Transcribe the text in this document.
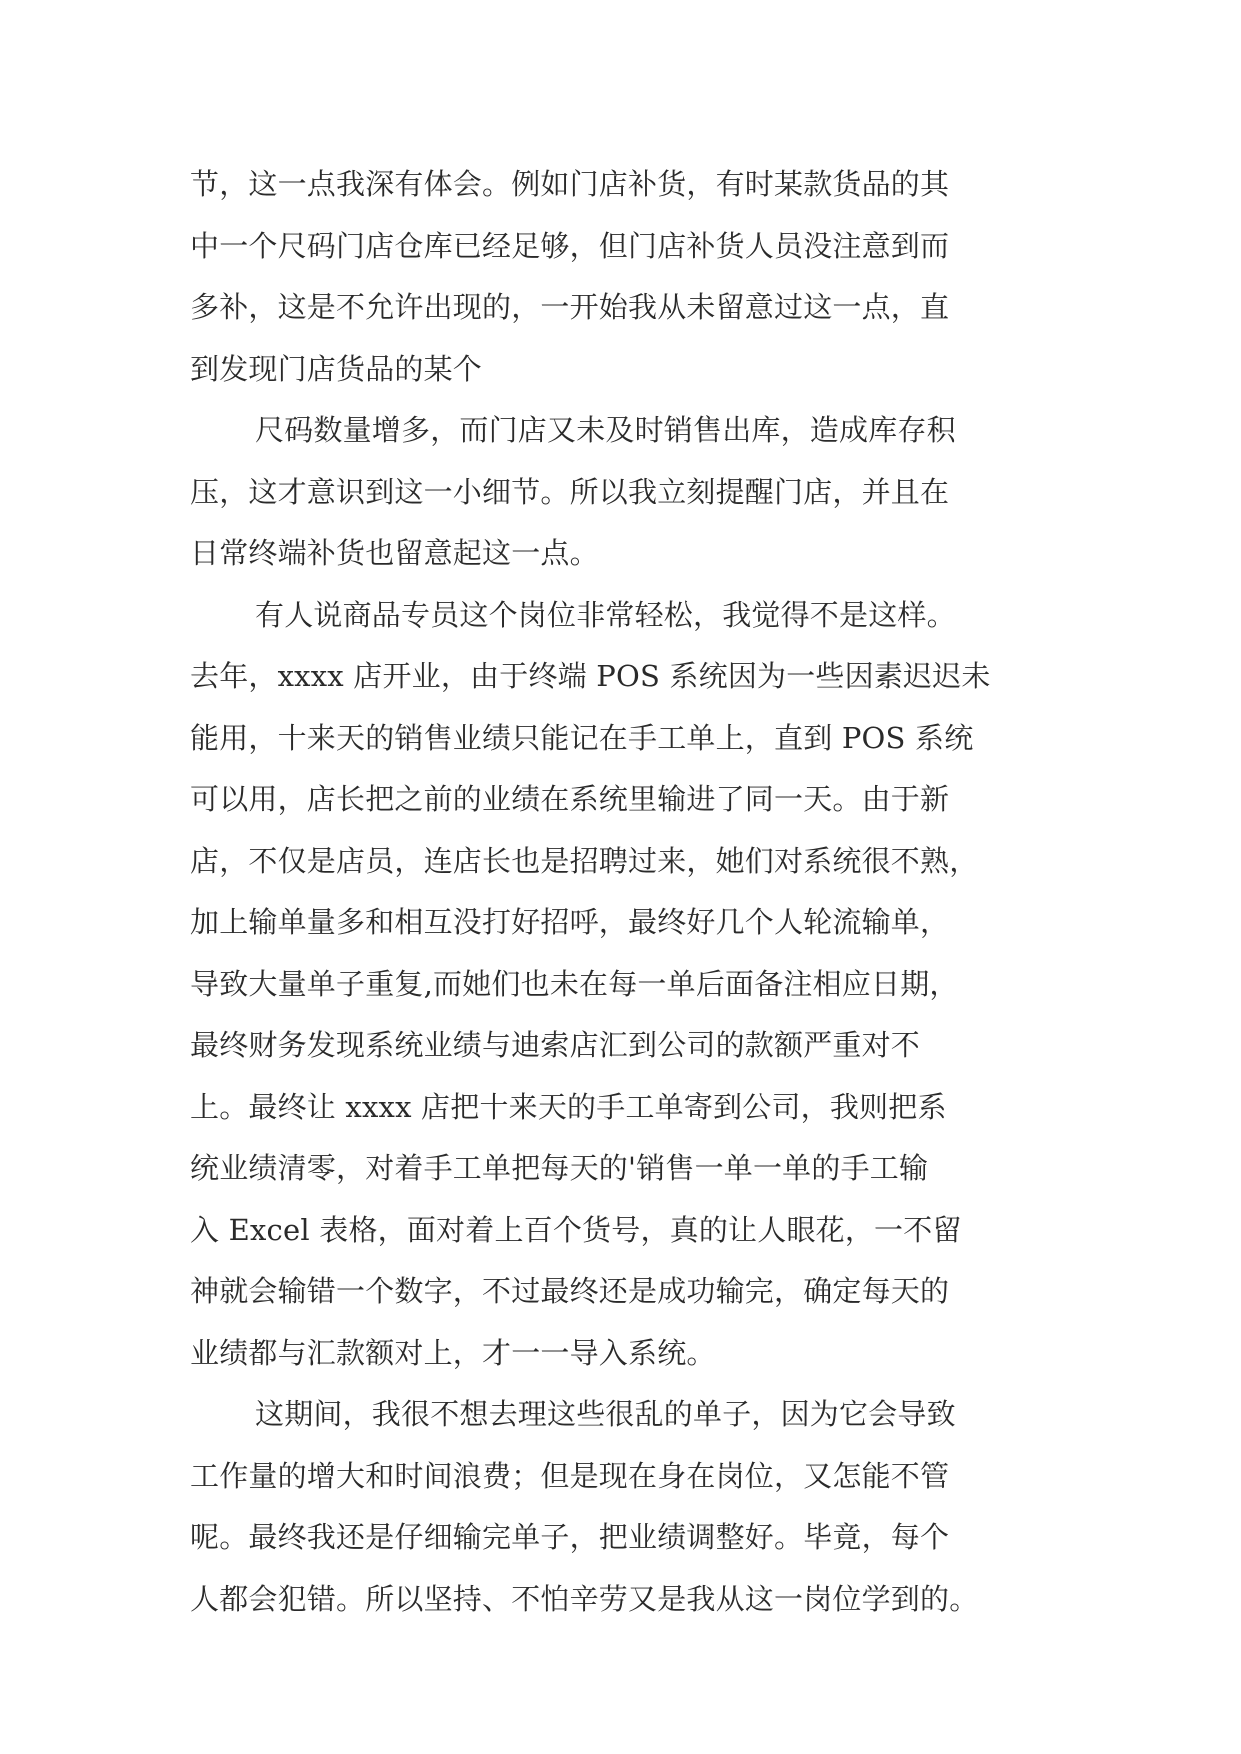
节，这一点我深有体会。例如门店补货，有时某款货品的其
中一个尺码门店仓库已经足够，但门店补货人员没注意到而
多补，这是不允许出现的，一开始我从未留意过这一点，直
到发现门店货品的某个
尺码数量增多，而门店又未及时销售出库，造成库存积
压，这才意识到这一小细节。所以我立刻提醒门店，并且在
日常终端补货也留意起这一点。
有人说商品专员这个岗位非常轻松，我觉得不是这样。
去年，xxxx 店开业，由于终端 POS 系统因为一些因素迟迟未
能用，十来天的销售业绩只能记在手工单上，直到 POS 系统
可以用，店长把之前的业绩在系统里输进了同一天。由于新
店，不仅是店员，连店长也是招聘过来，她们对系统很不熟，
加上输单量多和相互没打好招呼，最终好几个人轮流输单，
导致大量单子重复,而她们也未在每一单后面备注相应日期，
最终财务发现系统业绩与迪索店汇到公司的款额严重对不
上。最终让 xxxx 店把十来天的手工单寄到公司，我则把系
统业绩清零，对着手工单把每天的'销售一单一单的手工输
入 Excel 表格，面对着上百个货号，真的让人眼花，一不留
神就会输错一个数字，不过最终还是成功输完，确定每天的
业绩都与汇款额对上，才一一导入系统。
这期间，我很不想去理这些很乱的单子，因为它会导致
工作量的增大和时间浪费；但是现在身在岗位，又怎能不管
呢。最终我还是仔细输完单子，把业绩调整好。毕竟，每个
人都会犯错。所以坚持、不怕辛劳又是我从这一岗位学到的。
